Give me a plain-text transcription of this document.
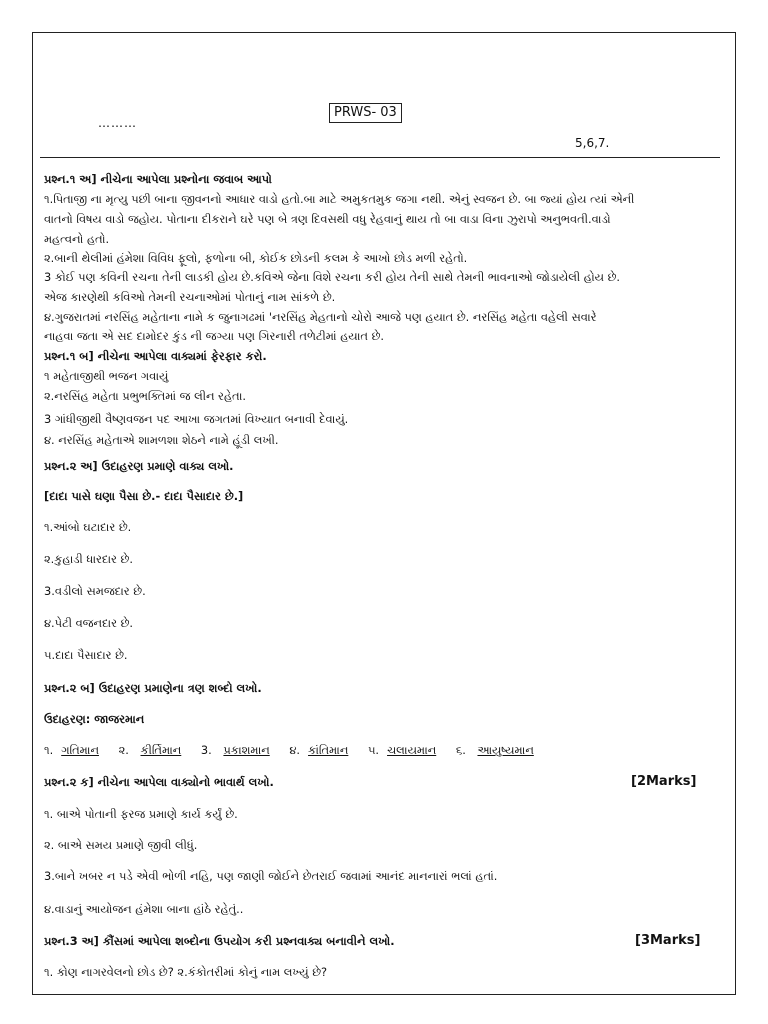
PRWS- 03
………
5,6,7.
પ્રશ્ન.૧ અ] નીચેના આપેલા પ્રશ્નોના જવાબ આપો
૧.પિતાજી ના મૃત્યુ પછી બાના જીવનનો આધાર વાડો હતો.બા માટે અમુકતમુક જગા નથી. એનું સ્વજન છે. બા જ્યાં હોય ત્યાં એની
વાતનો વિષય વાડો જહોય. પોતાના દીકરાને ઘરે પણ બે ત્રણ દિવસથી વધુ રેહવાનું થાય તો બા વાડા વિના ઝુરાપો અનુભવતી.વાડો
મહત્વનો હતો.
૨.બાની થેલીમાં હંમેશા વિવિધ ફૂલો, ફળોના બી, કોઈક છોડની કલમ કે આખો છોડ મળી રહેતો.
3 કોઈ પણ કવિની રચના તેની લાડકી હોય છે.કવિએ જેના વિશે રચના કરી હોય તેની સાથે તેમની ભાવનાઓ જોડાયેલી હોય છે.
એજ કારણેથી કવિઓ તેમની રચનાઓમાં પોતાનું નામ સાંકળે છે.
૪.ગુજરાતમાં નરસિંહ મહેતાના નામે ક જુનાગઢમાં 'નરસિંહ મેહતાનો ચોરો આજે પણ હયાત છે. નરસિંહ મહેતા વહેલી સવારે
નાહવા જતા એ સદ દામોદર કુંડ ની જગ્યા પણ ગિરનારી તળેટીમાં હયાત છે.
પ્રશ્ન.૧ બ] નીચેના આપેલા વાક્યમાં ફેરફાર કરો.
૧ મહેતાજીથી ભજન ગવાયું
૨.નરસિંહ મહેતા પ્રભુભક્તિમાં જ લીન રહેતા.
3 ગાંધીજીથી વૈષ્ણવજન પદ આખા જગતમાં વિખ્યાત બનાવી દેવાયું.
૪. નરસિંહ મહેતાએ શામળશા શેઠને નામે હૂંડી લખી.
પ્રશ્ન.૨ અ] ઉદાહરણ પ્રમાણે વાક્ય લખો.
[દાદા પાસે ઘણા પૈસા છે.- દાદા પૈસાદાર છે.]
૧.આંબો ઘટાદાર છે.
૨.કુહાડી ધારદાર છે.
3.વડીલો સમજદાર છે.
૪.પેટી વજનદાર છે.
૫.દાદા પૈસાદાર છે.
પ્રશ્ન.૨ બ] ઉદાહરણ પ્રમાણેના ત્રણ શબ્દો લખો.
ઉદાહરણ: જાજરમાન
૧. ગતિમાન ૨. કીર્તિમાન 3. પ્રકાશમાન ૪. કાંતિમાન ૫. ચલાયમાન ૬. આયુષ્યમાન
પ્રશ્ન.૨ ક] નીચેના આપેલા વાક્યોનો ભાવાર્થ લખો.	[2Marks]
૧. બાએ પોતાની ફરજ પ્રમાણે કાર્ય કર્યું છે.
૨. બાએ સમય પ્રમાણે જીવી લીધું.
3.બાને ખબર ન પડે એવી ભોળી નહિ, પણ જાણી જોઈને છેતરાઈ જવામાં આનંદ માનનારાં ભલાં હતાં.
૪.વાડાનું આયોજન હંમેશા બાના હાંઠે રહેતું..
પ્રશ્ન.3 અ] કૌંસમાં આપેલા શબ્દોના ઉપયોગ કરી પ્રશ્નવાક્ય બનાવીને લખો.	[3Marks]
૧. કોણ નાગરવેલનો છોડ છે? ૨.કંકોતરીમાં કોનું નામ લખ્યું છે?
